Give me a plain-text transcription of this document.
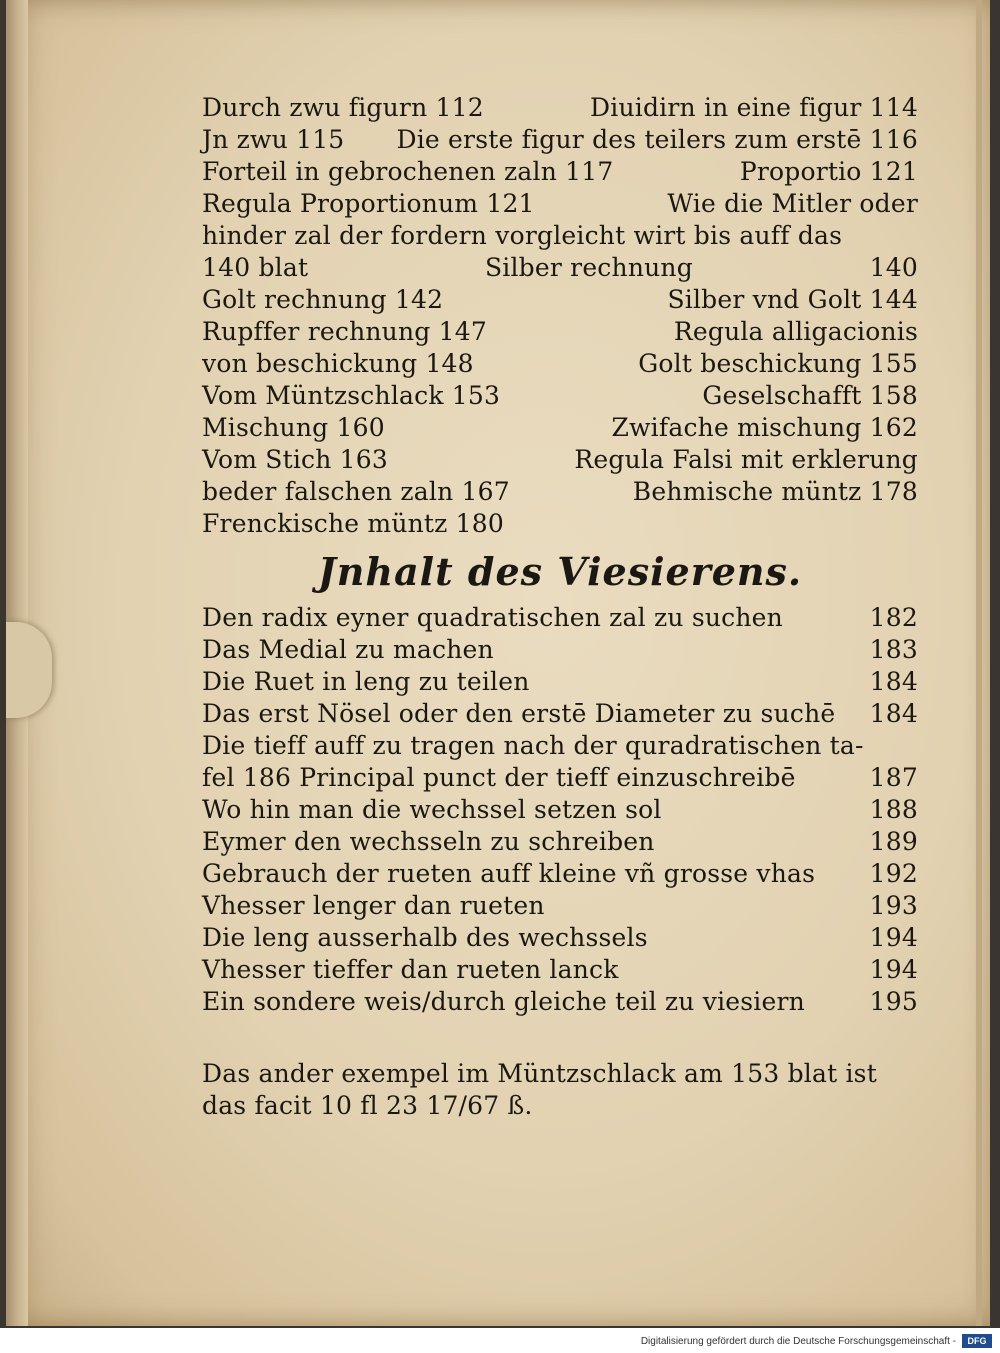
Durch zwu figurn 112	Diuidirn in eine figur 114
Jn zwu 115 Die erste figur des teilers zum erstē 116
Forteil in gebrochenen zaln 117	Proportio 121
Regula Proportionum 121	Wie die Mitler oder
hinder zal der fordern vorgleicht wirt bis auff das
140 blat	Silber rechnung	140
Golt rechnung 142	Silber vnd Golt 144
Rupffer rechnung 147	Regula alligacionis
von beschickung 148	Golt beschickung 155
Vom Müntzschlack 153	Geselschafft 158
Mischung 160	Zwifache mischung 162
Vom Stich 163	Regula Falsi mit erklerung
beder falschen zaln 167	Behmische müntz 178
Frenckische müntz 180
Jnhalt des Viesierens.
Den radix eyner quadratischen zal zu suchen	182
Das Medial zu machen	183
Die Ruet in leng zu teilen	184
Das erst Nösel oder den erstē Diameter zu suchē 184
Die tieff auff zu tragen nach der quradratischen ta-
fel 186 Principal punct der tieff einzuschreibē	187
Wo hin man die wechssel setzen sol	188
Eymer den wechsseln zu schreiben	189
Gebrauch der rueten auff kleine vñ grosse vhas 192
Vhesser lenger dan rueten	193
Die leng ausserhalb des wechssels	194
Vhesser tieffer dan rueten lanck	194
Ein sondere weis/durch gleiche teil zu viesiern	195
Das ander exempel im Müntzschlack am 153 blat ist
das facit 10 fl 23 17/67 ß.
Digitalisierung gefördert durch die Deutsche Forschungsgemeinschaft -	DFG
